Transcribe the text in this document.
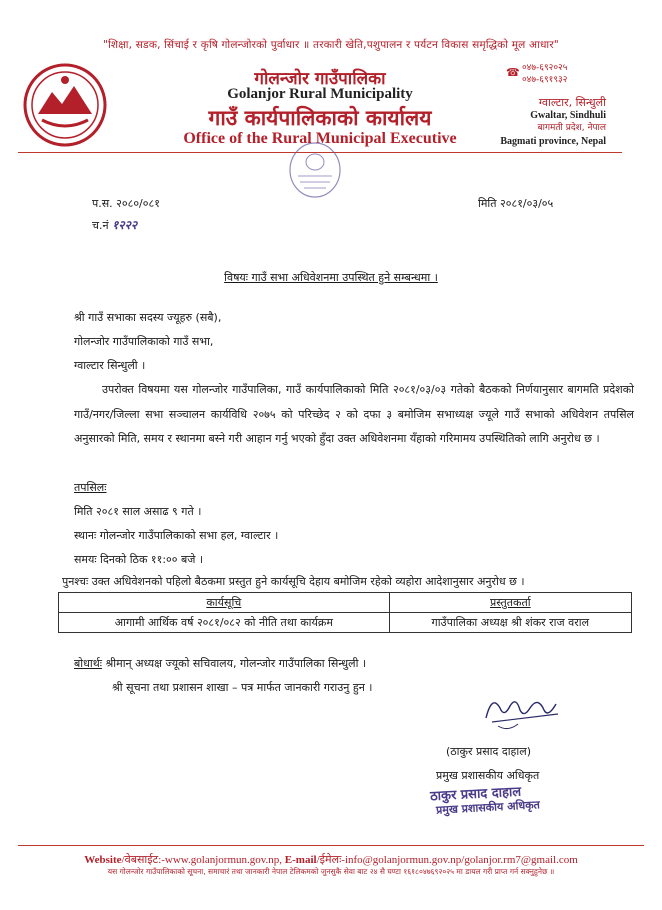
"शिक्षा, सडक, सिंचाई र कृषि गोलन्जोरको पुर्वाधार ॥ तरकारी खेति,पशुपालन र पर्यटन विकास समृद्धिको मूल आधार"
गोलन्जोर गाउँपालिका
Golanjor Rural Municipality
गाउँ कार्यपालिकाको कार्यालय
Office of the Rural Municipal Executive
☎ ०४७-६९२०२५
०४७-६९१९३२
ग्वाल्टार, सिन्धुली
Gwaltar, Sindhuli
बागमती प्रदेश, नेपाल
Bagmati province, Nepal
प.स. २०८०/०८१
च.नं १२२२
मिति २०८१/०३/०५
विषयः गाउँ सभा अधिवेशनमा उपस्थित हुने सम्बन्धमा ।
श्री गाउँ सभाका सदस्य ज्यूहरु (सबै),
गोलन्जोर गाउँपालिकाको गाउँ सभा,
ग्वाल्टार सिन्धुली ।
उपरोक्त विषयमा यस गोलन्जोर गाउँपालिका, गाउँ कार्यपालिकाको मिति २०८१/०३/०३ गतेको बैठकको निर्णयानुसार बागमति प्रदेशको गाउँ/नगर/जिल्ला सभा सञ्चालन कार्यविधि २०७५ को परिच्छेद २ को दफा ३ बमोजिम सभाध्यक्ष ज्यूले गाउँ सभाको अधिवेशन तपसिल अनुसारको मिति, समय र स्थानमा बस्ने गरी आहान गर्नु भएको हुँदा उक्त अधिवेशनमा यँहाको गरिमामय उपस्थितिको लागि अनुरोध छ ।
तपसिलः
मिति २०८१ साल असाढ ९ गते ।
स्थानः गोलन्जोर गाउँपालिकाको सभा हल, ग्वाल्टार ।
समयः दिनको ठिक ११:०० बजे ।
पुनश्चः उक्त अधिवेशनको पहिलो बैठकमा प्रस्तुत हुने कार्यसूचि देहाय बमोजिम रहेको व्यहोरा आदेशानुसार अनुरोध छ ।
कार्यसूचि	प्रस्तुतकर्ता
आगामी आर्थिक वर्ष २०८१/०८२ को नीति तथा कार्यक्रम	गाउँपालिका अध्यक्ष श्री शंकर राज वराल
बोधार्थः श्रीमान् अध्यक्ष ज्यूको सचिवालय, गोलन्जोर गाउँपालिका सिन्धुली ।
श्री सूचना तथा प्रशासन शाखा – पत्र मार्फत जानकारी गराउनु हुन ।
(ठाकुर प्रसाद दाहाल)
प्रमुख प्रशासकीय अधिकृत
ठाकुर प्रसाद दाहाल
प्रमुख प्रशासकीय अधिकृत
Website/वेबसाईट:-www.golanjormun.gov.np, E-mail/ईमेलः-info@golanjormun.gov.np/golanjor.rm7@gmail.com
यस गोलन्जोर गाउँपालिकाको सूचना, समाचारं तथा जानकारी नेपाल टेलिकमको जुनसुकै सेवा बाट २४ सै घण्टा १६१८०४७६९२०२५ मा डायल गरी प्राप्त गर्न सक्नुहुनेछ ॥
